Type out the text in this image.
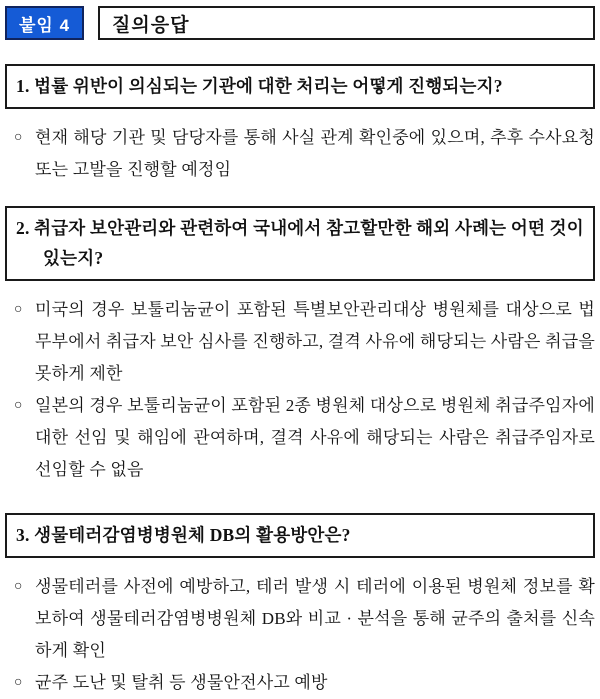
붙임 4	질의응답
1. 법률 위반이 의심되는 기관에 대한 처리는 어떻게 진행되는지?
○ 현재 해당 기관 및 담당자를 통해 사실 관계 확인중에 있으며, 추후 수사요청 또는 고발을 진행할 예정임
2. 취급자 보안관리와 관련하여 국내에서 참고할만한 해외 사례는 어떤 것이 있는지?
○ 미국의 경우 보툴리눔균이 포함된 특별보안관리대상 병원체를 대상으로 법무부에서 취급자 보안 심사를 진행하고, 결격 사유에 해당되는 사람은 취급을 못하게 제한
○ 일본의 경우 보툴리눔균이 포함된 2종 병원체 대상으로 병원체 취급주임자에 대한 선임 및 해임에 관여하며, 결격 사유에 해당되는 사람은 취급주임자로 선임할 수 없음
3. 생물테러감염병병원체 DB의 활용방안은?
○ 생물테러를 사전에 예방하고, 테러 발생 시 테러에 이용된 병원체 정보를 확보하여 생물테러감염병병원체 DB와 비교 · 분석을 통해 균주의 출처를 신속하게 확인
○ 균주 도난 및 탈취 등 생물안전사고 예방
